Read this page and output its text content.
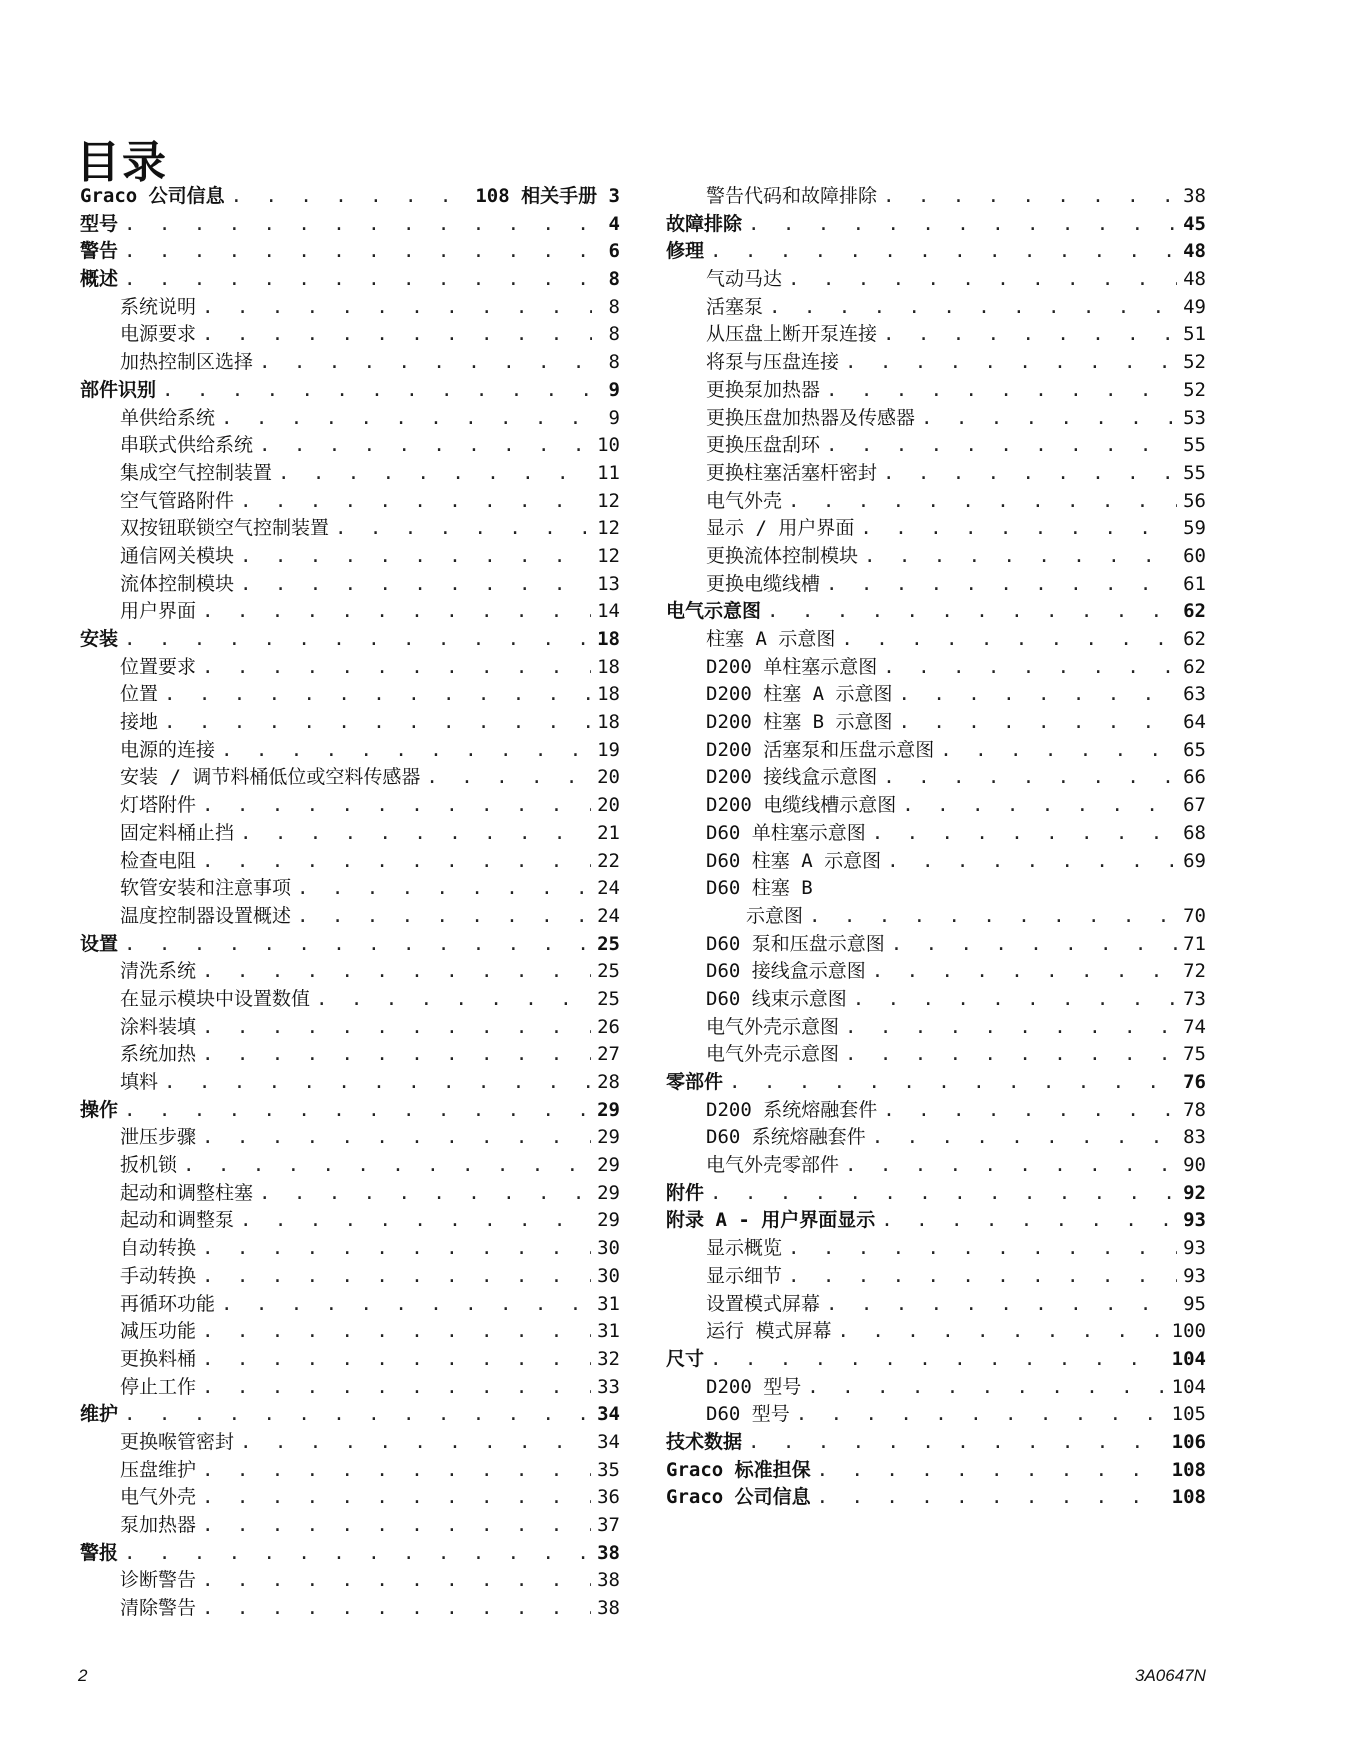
目录
Graco 公司信息 . . .	108 相关手册 3
型号 . . .	4
警告 . . .	6
概述 . . .	8
系统说明 . . .	8
电源要求 . . .	8
加热控制区选择 . . .	8
部件识别 . . .	9
单供给系统 . . .	9
串联式供给系统 . . .	10
集成空气控制装置 . . .	11
空气管路附件 . . .	12
双按钮联锁空气控制装置 . . .	12
通信网关模块 . . .	12
流体控制模块 . . .	13
用户界面 . . .	14
安装 . . .	18
位置要求 . . .	18
位置 . . .	18
接地 . . .	18
电源的连接 . . .	19
安装 / 调节料桶低位或空料传感器 . . .	20
灯塔附件 . . .	20
固定料桶止挡 . . .	21
检查电阻 . . .	22
软管安装和注意事项 . . .	24
温度控制器设置概述 . . .	24
设置 . . .	25
清洗系统 . . .	25
在显示模块中设置数值 . . .	25
涂料装填 . . .	26
系统加热 . . .	27
填料 . . .	28
操作 . . .	29
泄压步骤 . . .	29
扳机锁 . . .	29
起动和调整柱塞 . . .	29
起动和调整泵 . . .	29
自动转换 . . .	30
手动转换 . . .	30
再循环功能 . . .	31
减压功能 . . .	31
更换料桶 . . .	32
停止工作 . . .	33
维护 . . .	34
更换喉管密封 . . .	34
压盘维护 . . .	35
电气外壳 . . .	36
泵加热器 . . .	37
警报 . . .	38
诊断警告 . . .	38
清除警告 . . .	38
警告代码和故障排除 . . .	38
故障排除 . . .	45
修理 . . .	48
气动马达 . . .	48
活塞泵 . . .	49
从压盘上断开泵连接 . . .	51
将泵与压盘连接 . . .	52
更换泵加热器 . . .	52
更换压盘加热器及传感器 . . .	53
更换压盘刮环 . . .	55
更换柱塞活塞杆密封 . . .	55
电气外壳 . . .	56
显示 / 用户界面 . . .	59
更换流体控制模块 . . .	60
更换电缆线槽 . . .	61
电气示意图 . . .	62
柱塞 A 示意图 . . .	62
D200 单柱塞示意图 . . .	62
D200 柱塞 A 示意图 . . .	63
D200 柱塞 B 示意图 . . .	64
D200 活塞泵和压盘示意图 . . .	65
D200 接线盒示意图 . . .	66
D200 电缆线槽示意图 . . .	67
D60 单柱塞示意图 . . .	68
D60 柱塞 A 示意图 . . .	69
D60 柱塞 B
示意图 . . .	70
D60 泵和压盘示意图 . . .	71
D60 接线盒示意图 . . .	72
D60 线束示意图 . . .	73
电气外壳示意图 . . .	74
电气外壳示意图 . . .	75
零部件 . . .	76
D200 系统熔融套件 . . .	78
D60 系统熔融套件 . . .	83
电气外壳零部件 . . .	90
附件 . . .	92
附录 A - 用户界面显示 . . .	93
显示概览 . . .	93
显示细节 . . .	93
设置模式屏幕 . . .	95
运行 模式屏幕 . . .	100
尺寸 . . .	104
D200 型号 . . .	104
D60 型号 . . .	105
技术数据 . . .	106
Graco 标准担保 . . .	108
Graco 公司信息 . . .	108
2	3A0647N
